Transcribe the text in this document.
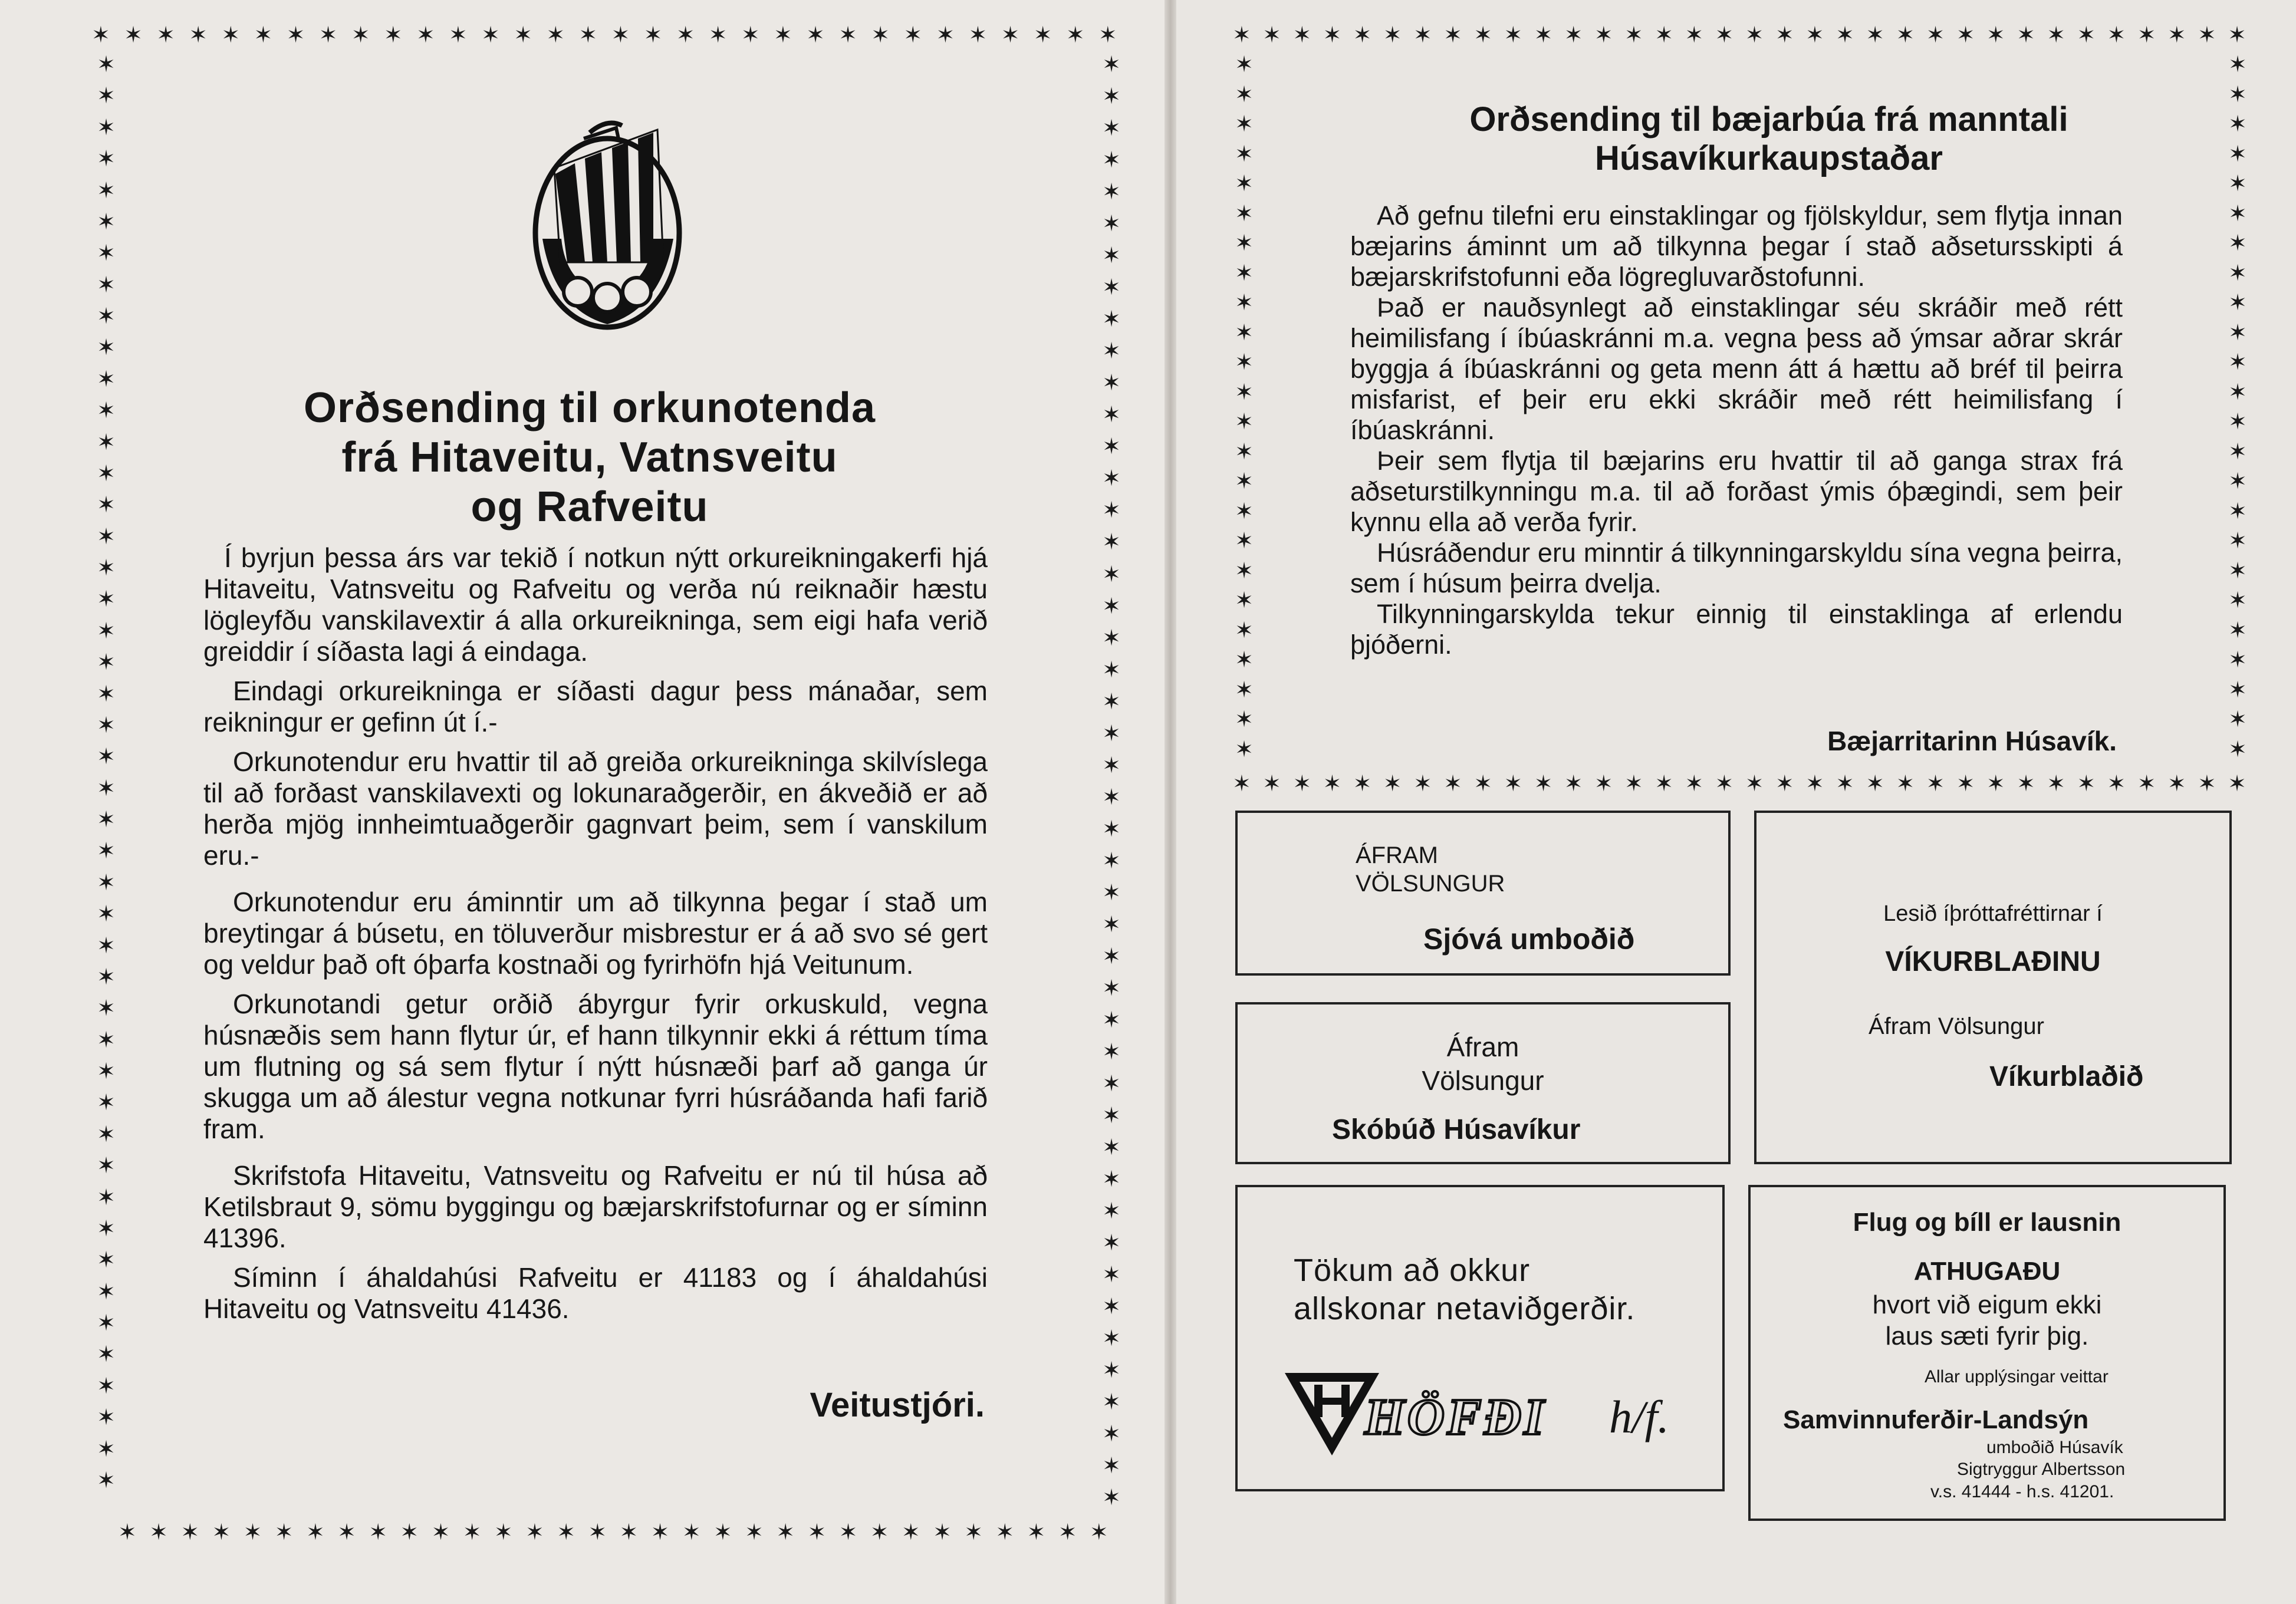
✶ ✶ ✶ ✶ ✶ ✶ ✶ ✶ ✶ ✶ ✶ ✶ ✶ ✶ ✶ ✶ ✶ ✶ ✶ ✶ ✶ ✶ ✶ ✶ ✶ ✶ ✶ ✶ ✶ ✶ ✶ ✶
✶ ✶ ✶ ✶ ✶ ✶ ✶ ✶ ✶ ✶ ✶ ✶ ✶ ✶ ✶ ✶ ✶ ✶ ✶ ✶ ✶ ✶ ✶ ✶ ✶ ✶ ✶ ✶ ✶ ✶ ✶ ✶
✶
✶
✶
✶
✶
✶
✶
✶
✶
✶
✶
✶
✶
✶
✶
✶
✶
✶
✶
✶
✶
✶
✶
✶
✶
✶
✶
✶
✶
✶
✶
✶
✶
✶
✶
✶
✶
✶
✶
✶
✶
✶
✶
✶
✶
✶
✶
✶
✶
✶
✶
✶
✶
✶
✶
✶
✶
✶
✶
✶
✶
✶
✶
✶
✶
✶
✶
✶
✶
✶
✶
✶
✶
✶
✶
✶
✶
✶
✶
✶
✶
✶
✶
✶
✶
✶
✶
✶
✶
✶
✶
✶
Orðsending til orkunotenda
frá Hitaveitu, Vatnsveitu
og Rafveitu

Í byrjun þessa árs var tekið í notkun nýtt orkureikningakerfi hjá Hitaveitu, Vatnsveitu og Rafveitu og verða nú reiknaðir hæstu lögleyfðu vanskilavextir á alla orkureikninga, sem eigi hafa verið greiddir í síðasta lagi á eindaga.

Eindagi orkureikninga er síðasti dagur þess mánaðar, sem reikningur er gefinn út í.-

Orkunotendur eru hvattir til að greiða orkureikninga skilvíslega til að forðast vanskilavexti og lokunaraðgerðir, en ákveðið er að herða mjög innheimtuaðgerðir gagnvart þeim, sem í vanskilum eru.-

Orkunotendur eru áminntir um að tilkynna þegar í stað um breytingar á búsetu, en töluverður misbrestur er á að svo sé gert og veldur það oft óþarfa kostnaði og fyrirhöfn hjá Veitunum.

Orkunotandi getur orðið ábyrgur fyrir orkuskuld, vegna húsnæðis sem hann flytur úr, ef hann tilkynnir ekki á réttum tíma um flutning og sá sem flytur í nýtt húsnæði þarf að ganga úr skugga um að álestur vegna notkunar fyrri húsráðanda hafi farið fram.

Skrifstofa Hitaveitu, Vatnsveitu og Rafveitu er nú til húsa að Ketilsbraut 9, sömu byggingu og bæjarskrifstofurnar og er síminn 41396.

Síminn í áhaldahúsi Rafveitu er 41183 og í áhaldahúsi Hitaveitu og Vatnsveitu 41436.

Veitustjóri.
✶ ✶ ✶ ✶ ✶ ✶ ✶ ✶ ✶ ✶ ✶ ✶ ✶ ✶ ✶ ✶ ✶ ✶ ✶ ✶ ✶ ✶ ✶ ✶ ✶ ✶ ✶ ✶ ✶ ✶ ✶ ✶ ✶ ✶
✶ ✶ ✶ ✶ ✶ ✶ ✶ ✶ ✶ ✶ ✶ ✶ ✶ ✶ ✶ ✶ ✶ ✶ ✶ ✶ ✶ ✶ ✶ ✶ ✶ ✶ ✶ ✶ ✶ ✶ ✶ ✶ ✶ ✶
✶
✶
✶
✶
✶
✶
✶
✶
✶
✶
✶
✶
✶
✶
✶
✶
✶
✶
✶
✶
✶
✶
✶
✶
✶
✶
✶
✶
✶
✶
✶
✶
✶
✶
✶
✶
✶
✶
✶
✶
✶
✶
✶
✶
✶
✶
✶
✶
Orðsending til bæjarbúa frá manntali
Húsavíkurkaupstaðar

Að gefnu tilefni eru einstaklingar og fjölskyldur, sem flytja innan bæjarins áminnt um að tilkynna þegar í stað aðsetursskipti á bæjarskrifstofunni eða lögregluvarðstofunni.

Það er nauðsynlegt að einstaklingar séu skráðir með rétt heimilisfang í íbúaskránni m.a. vegna þess að ýmsar aðrar skrár byggja á íbúaskránni og geta menn átt á hættu að bréf til þeirra misfarist, ef þeir eru ekki skráðir með rétt heimilisfang í íbúaskránni.

Þeir sem flytja til bæjarins eru hvattir til að ganga strax frá aðseturstilkynningu m.a. til að forðast ýmis óþægindi, sem þeir kynnu ella að verða fyrir.

Húsráðendur eru minntir á tilkynningarskyldu sína vegna þeirra, sem í húsum þeirra dvelja.

Tilkynningarskylda tekur einnig til einstaklinga af erlendu þjóðerni.

Bæjarritarinn Húsavík.
ÁFRAM
VÖLSUNGUR
Sjóvá umboðið
Áfram
Völsungur
Skóbúð Húsavíkur
Lesið íþróttafréttirnar í
VÍKURBLAÐINU
Áfram Völsungur
Víkurblaðið
Tökum að okkur
allskonar netaviðgerðir.
HÖFÐI h/f.
Flug og bíll er lausnin
ATHUGAÐU
hvort við eigum ekki
laus sæti fyrir þig.
Allar upplýsingar veittar
Samvinnuferðir-Landsýn
umboðið Húsavík
Sigtryggur Albertsson
v.s. 41444 - h.s. 41201.
